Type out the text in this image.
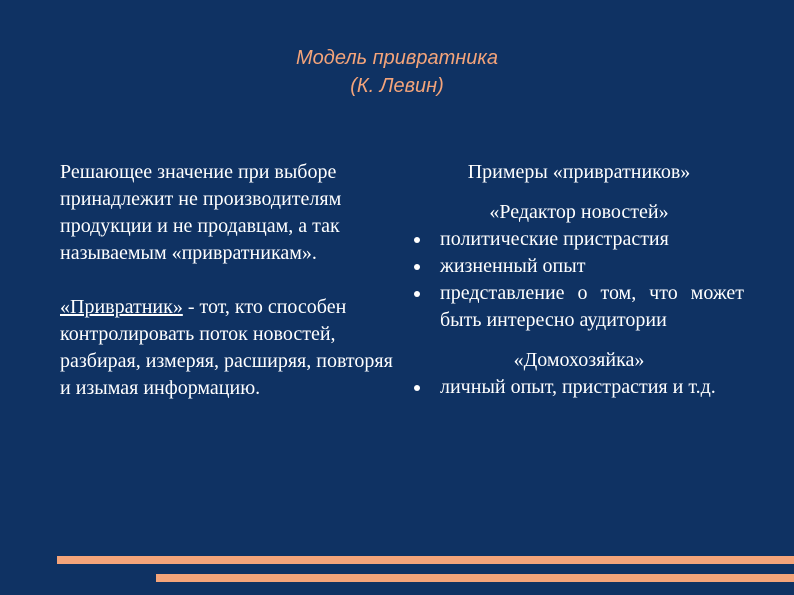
Модель привратника
(К. Левин)

Решающее значение при выборе принадлежит не производителям продукции и не продавцам, а так называемым «привратникам».

«Привратник» - тот, кто способен контролировать поток новостей, разбирая, измеряя, расширяя, повторяя и изымая информацию.

Примеры «привратников»
«Редактор новостей»
политические пристрастия
жизненный опыт
представление о том, что может быть интересно аудитории
«Домохозяйка»
личный опыт, пристрастия и т.д.
